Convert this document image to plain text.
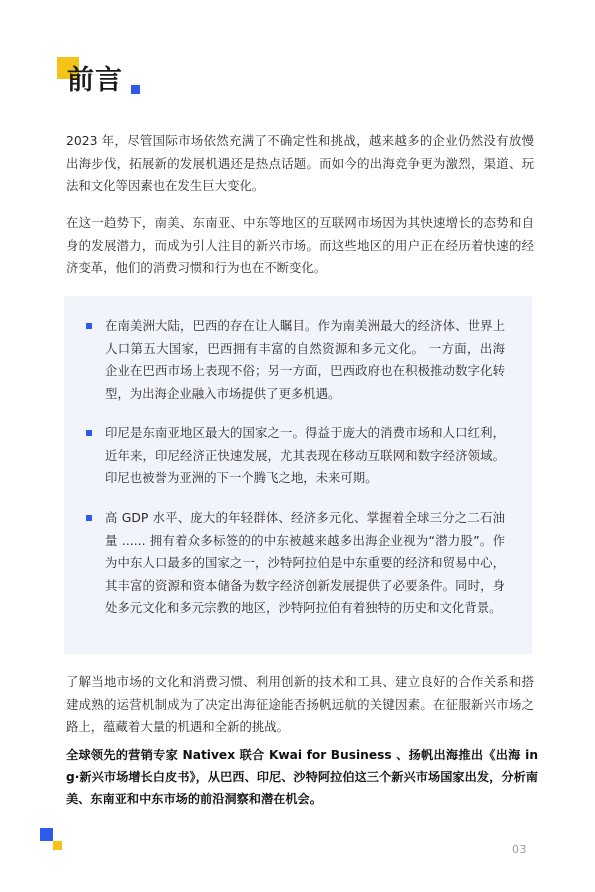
前言

2023 年，尽管国际市场依然充满了不确定性和挑战，越来越多的企业仍然没有放慢出海步伐，拓展新的发展机遇还是热点话题。而如今的出海竞争更为激烈，渠道、玩法和文化等因素也在发生巨大变化。

在这一趋势下，南美、东南亚、中东等地区的互联网市场因为其快速增长的态势和自身的发展潜力，而成为引人注目的新兴市场。而这些地区的用户正在经历着快速的经济变革，他们的消费习惯和行为也在不断变化。

在南美洲大陆，巴西的存在让人瞩目。作为南美洲最大的经济体、世界上人口第五大国家，巴西拥有丰富的自然资源和多元文化。 一方面，出海企业在巴西市场上表现不俗；另一方面，巴西政府也在积极推动数字化转型，为出海企业融入市场提供了更多机遇。

印尼是东南亚地区最大的国家之一。得益于庞大的消费市场和人口红利，近年来，印尼经济正快速发展，尤其表现在移动互联网和数字经济领域。印尼也被誉为亚洲的下一个腾飞之地，未来可期。

高 GDP 水平、庞大的年轻群体、经济多元化、掌握着全球三分之二石油量 ...... 拥有着众多标签的的中东被越来越多出海企业视为“潜力股”。作为中东人口最多的国家之一，沙特阿拉伯是中东重要的经济和贸易中心，其丰富的资源和资本储备为数字经济创新发展提供了必要条件。同时，身处多元文化和多元宗教的地区，沙特阿拉伯有着独特的历史和文化背景。

了解当地市场的文化和消费习惯、利用创新的技术和工具、建立良好的合作关系和搭建成熟的运营机制成为了决定出海征途能否扬帆远航的关键因素。在征服新兴市场之路上，蕴藏着大量的机遇和全新的挑战。

全球领先的营销专家 Nativex 联合 Kwai for Business 、扬帆出海推出《出海 ing·新兴市场增长白皮书》，从巴西、印尼、沙特阿拉伯这三个新兴市场国家出发，分析南美、东南亚和中东市场的前沿洞察和潜在机会。

03
